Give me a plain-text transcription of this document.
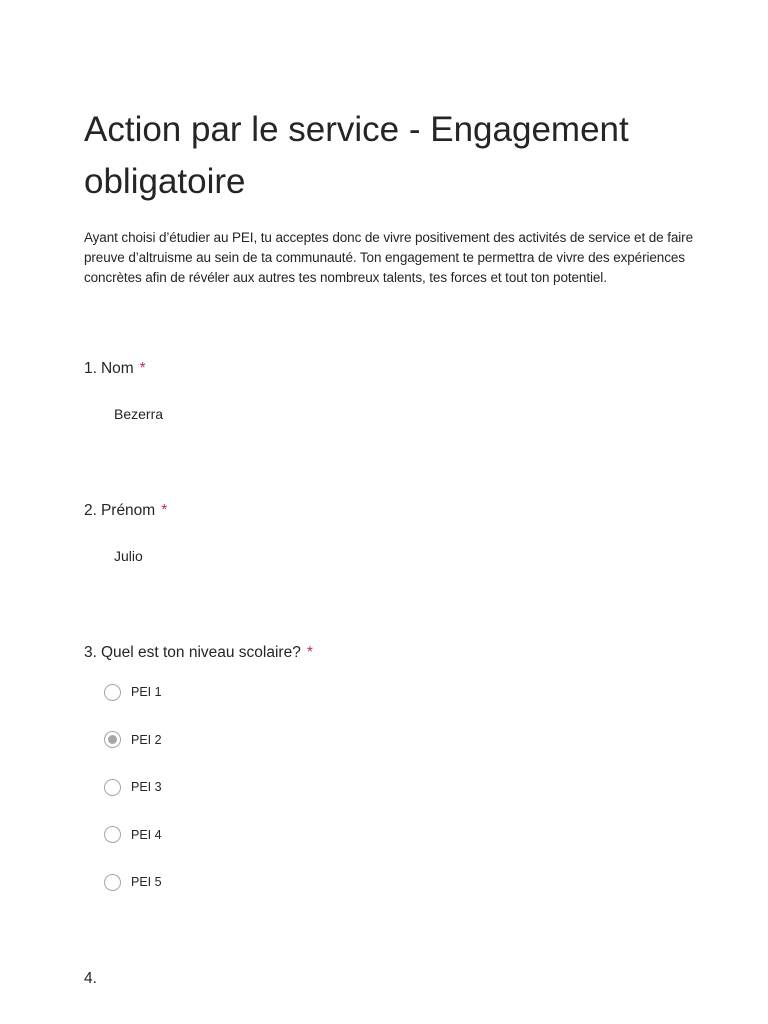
Action par le service - Engagement obligatoire

Ayant choisi d’étudier au PEI, tu acceptes donc de vivre positivement des activités de service et de faire preuve d’altruisme au sein de ta communauté. Ton engagement te permettra de vivre des expériences concrètes afin de révéler aux autres tes nombreux talents, tes forces et tout ton potentiel.

1. Nom *
Bezerra
2. Prénom *
Julio
3. Quel est ton niveau scolaire? *
PEI 1
PEI 2
PEI 3
PEI 4
PEI 5
4.
